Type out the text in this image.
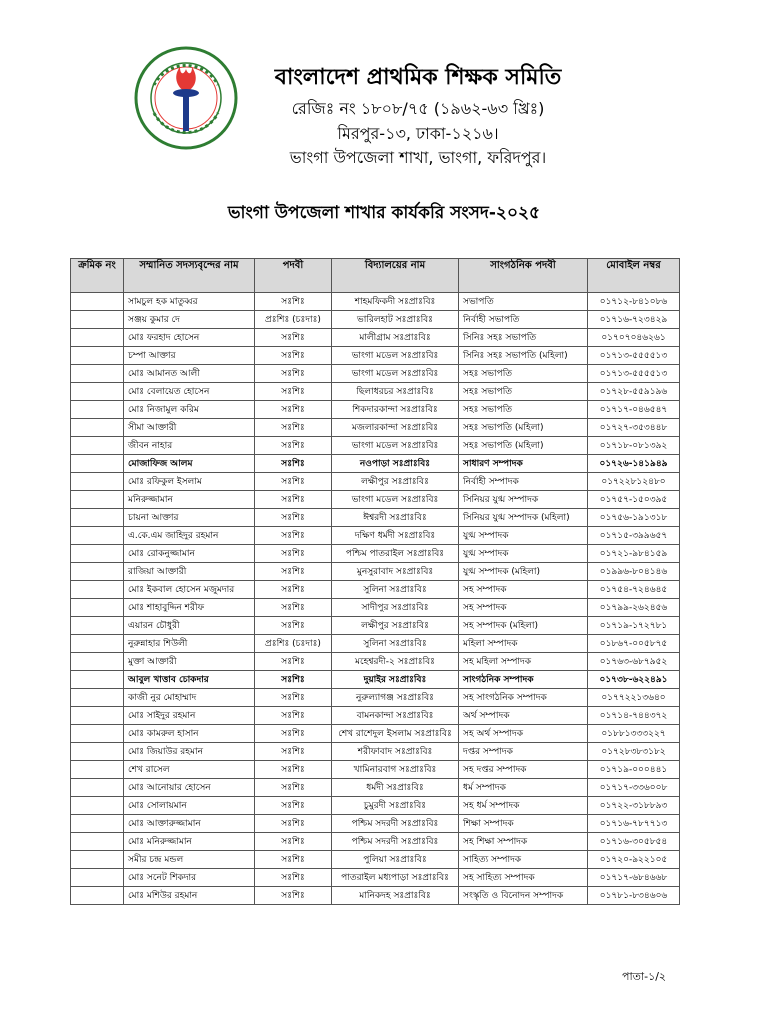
বাংলাদেশ প্রাথমিক শিক্ষক সমিতি
রেজিঃ নং ১৮০৮/৭৫ (১৯৬২-৬৩ খ্রিঃ)
মিরপুর-১৩, ঢাকা-১২১৬।
ভাংগা উপজেলা শাখা, ভাংগা, ফরিদপুর।
ভাংগা উপজেলা শাখার কার্যকরি সংসদ-২০২৫
ক্রমিক নং	সম্মানিত সদস্যবৃন্দের নাম	পদবী	বিদ্যালয়ের নাম	সাংগঠনিক পদবী	মোবাইল নম্বর
	সামচুল হক মাতুব্বর	সঃশিঃ	শাহমফিকদী সঃপ্রাঃবিঃ	সভাপতি	০১৭১২-৮৪১০৮৬
	সঞ্জয় কুমার দে	প্রঃশিঃ (চঃদাঃ)	ভারিলহাট সঃপ্রাঃবিঃ	নির্বাহী সভাপতি	০১৭১৬-৭২৩৪২৯
	মোঃ ফরহাদ হোসেন	সঃশিঃ	মালীগ্রাম সঃপ্রাঃবিঃ	সিনিঃ সহঃ সভাপতি	০১৭০৭০৪৬২৬১
	চম্পা আক্তার	সঃশিঃ	ভাংগা মডেল সঃপ্রাঃবিঃ	সিনিঃ সহঃ সভাপতি (মহিলা)	০১৭১৩-৫৫৫৫১৩
	মোঃ আমানত আলী	সঃশিঃ	ভাংগা মডেল সঃপ্রাঃবিঃ	সহঃ সভাপতি	০১৭১৩-৫৫৫৫১৩
	মোঃ বেলায়েত হোসেন	সঃশিঃ	ছিলাধরচর সঃপ্রাঃবিঃ	সহঃ সভাপতি	০১৭২৮-৫৫৯১৯৬
	মোঃ নিজামুল করিম	সঃশিঃ	শিকদারকান্দা সঃপ্রাঃবিঃ	সহঃ সভাপতি	০১৭১৭-০৪৬৫৪৭
	সীমা আক্তারী	সঃশিঃ	মজলারকান্দা সঃপ্রাঃবিঃ	সহঃ সভাপতি (মহিলা)	০১৭২৭-৩৫৩৪৪৮
	জীবন নাহার	সঃশিঃ	ভাংগা মডেল সঃপ্রাঃবিঃ	সহঃ সভাপতি (মহিলা)	০১৭১৮-০৮১৩৯২
	মোজাফিজ আলম	সঃশিঃ	নওপাড়া সঃপ্রাঃবিঃ	সাধারণ সম্পাদক	০১৭২৬-১৪১৯৪৯
	মোঃ রফিকুল ইসলাম	সঃশিঃ	লক্ষীপুর সঃপ্রাঃবিঃ	নির্বাহী সম্পাদক	০১৭২২৮১২৪৮০
	মনিরুজ্জামান	সঃশিঃ	ভাংগা মডেল সঃপ্রাঃবিঃ	সিনিয়র যুগ্ম সম্পাদক	০১৭৫৭-১৫০৩৯৫
	চায়না আক্তার	সঃশিঃ	ঈশ্বরদী সঃপ্রাঃবিঃ	সিনিয়র যুগ্ম সম্পাদক (মহিলা)	০১৭৫৬-১৯১৩১৮
	এ.কে.এম জাহিদুর রহমান	সঃশিঃ	দক্ষিণ ধর্মদী সঃপ্রাঃবিঃ	যুগ্ম সম্পাদক	০১৭১৫-৩৯৯৬৫৭
	মোঃ রোকনুজ্জামান	সঃশিঃ	পশ্চিম পাতরাইল সঃপ্রাঃবিঃ	যুগ্ম সম্পাদক	০১৭২১-৯৮৪১৫৯
	রাজিয়া আক্তারী	সঃশিঃ	মুনসুরাবাদ সঃপ্রাঃবিঃ	যুগ্ম সম্পাদক (মহিলা)	০১৯৯৬-৮০৪১৪৬
	মোঃ ইকবাল হোসেন মজুমদার	সঃশিঃ	সুলিনা সঃপ্রাঃবিঃ	সহ সম্পাদক	০১৭৫৪-৭২৪৬৪৫
	মোঃ শাহাবুদ্দিন শরীফ	সঃশিঃ	সাদীপুর সঃপ্রাঃবিঃ	সহ সম্পাদক	০১৭৯৯-২৬২৪৫৬
	এয়ারন চৌধুরী	সঃশিঃ	লক্ষীপুর সঃপ্রাঃবিঃ	সহ সম্পাদক (মহিলা)	০১৭১৯-১৭২৭৮১
	নুরুন্নাহার শিউলী	প্রঃশিঃ (চঃদাঃ)	সুলিনা সঃপ্রাঃবিঃ	মহিলা সম্পাদক	০১৮৬৭-০০৫৮৭৫
	মুক্তা আক্তারী	সঃশিঃ	মহেশ্বরদী-২ সঃপ্রাঃবিঃ	সহ মহিলা সম্পাদক	০১৭৬৩-৬৮৭৯৫২
	আবুল খাত্তাব চোকদার	সঃশিঃ	দুয়াইর সঃপ্রাঃবিঃ	সাংগঠনিক সম্পাদক	০১৭৩৮-৬২২৪৯১
	কাজী নুর মোহাম্মাদ	সঃশিঃ	নুরুল্যাগঞ্জ সঃপ্রাঃবিঃ	সহ সাংগঠনিক সম্পাদক	০১৭৭২২১৩৬৪০
	মোঃ সাইদুর রহমান	সঃশিঃ	বামনকান্দা সঃপ্রাঃবিঃ	অর্থ সম্পাদক	০১৭১৪-৭৪৪৩৭২
	মোঃ কামরুল হাসান	সঃশিঃ	শেখ রাশেদুল ইসলাম সঃপ্রাঃবিঃ	সহ অর্থ সম্পাদক	০১৮৮১৩৩৩২২৭
	মোঃ জিয়াউর রহমান	সঃশিঃ	শরীফাবাদ সঃপ্রাঃবিঃ	দপ্তর সম্পাদক	০১৭২৮৩৮৩১৮২
	শেখ রাসেল	সঃশিঃ	খামিনারবাগ সঃপ্রাঃবিঃ	সহ দপ্তর সম্পাদক	০১৭১৯-০০০৪৪১
	মোঃ আনোয়ার হোসেন	সঃশিঃ	ধর্মদী সঃপ্রাঃবিঃ	ধর্ম সম্পাদক	০১৭১৭-৩৩৬০০৮
	মোঃ সোলায়মান	সঃশিঃ	চুমুরদী সঃপ্রাঃবিঃ	সহ ধর্ম সম্পাদক	০১৭২২-৩১৮৮৯৩
	মোঃ আক্তারুজ্জামান	সঃশিঃ	পশ্চিম সদরদী সঃপ্রাঃবিঃ	শিক্ষা সম্পাদক	০১৭১৬-৭৮৭৭১৩
	মোঃ মনিরুজ্জামান	সঃশিঃ	পশ্চিম সদরদী সঃপ্রাঃবিঃ	সহ শিক্ষা সম্পাদক	০১৭১৬-৩০৫৮৫৪
	সমীর চন্দ্র মন্ডল	সঃশিঃ	পুলিয়া সঃপ্রাঃবিঃ	সাহিত্য সম্পাদক	০১৭২০-৯২২১০৫
	মোঃ সনেট শিকদার	সঃশিঃ	পাতরাইল মধ্যপাড়া সঃপ্রাঃবিঃ	সহ সাহিত্য সম্পাদক	০১৭১৭-৬৮৪৬৬৮
	মোঃ মশিউর রহমান	সঃশিঃ	মানিকদহ সঃপ্রাঃবিঃ	সংস্কৃতি ও বিনোদন সম্পাদক	০১৭৮১-৮৩৪৬০৬
পাতা-১/২
